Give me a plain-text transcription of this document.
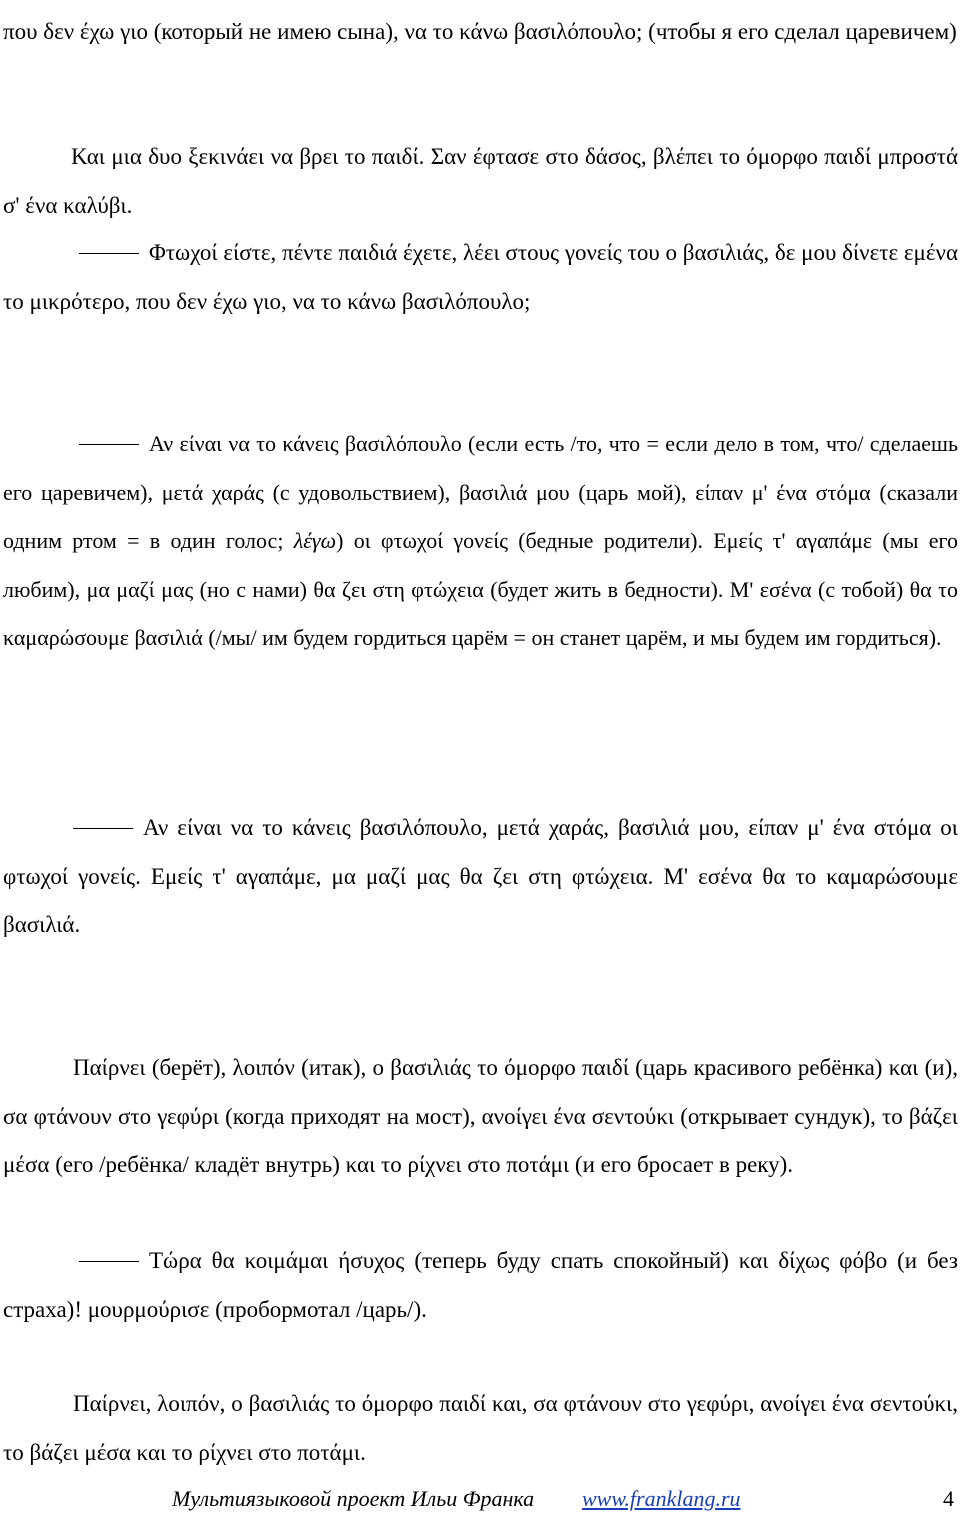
που δεν έχω γιο (который не имею сына), να το κάνω βασιλόπουλο; (чтобы я его сделал царевичем)

Και μια δυο ξεκινάει να βρει το παιδί. Σαν έφτασε στο δάσος, βλέπει το όμορφο παιδί μπροστά σ' ένα καλύβι.

Φτωχοί είστε, πέντε παιδιά έχετε, λέει στους γονείς του ο βασιλιάς, δε μου δίνετε εμένα το μικρότερο, που δεν έχω γιο, να το κάνω βασιλόπουλο;

Αν είναι να το κάνεις βασιλόπουλο (если есть /то, что = если дело в том, что/ сделаешь его царевичем), μετά χαράς (с удовольствием), βασιλιά μου (царь мой), είπαν μ' ένα στόμα (сказали одним ртом = в один голос; λέγω) οι φτωχοί γονείς (бедные родители). Εμείς τ' αγαπάμε (мы его любим), μα μαζί μας (но с нами) θα ζει στη φτώχεια (будет жить в бедности). Μ' εσένα (с тобой) θα το καμαρώσουμε βασιλιά (/мы/ им будем гордиться царём = он станет царём, и мы будем им гордиться).

Αν είναι να το κάνεις βασιλόπουλο, μετά χαράς, βασιλιά μου, είπαν μ' ένα στόμα οι φτωχοί γονείς. Εμείς τ' αγαπάμε, μα μαζί μας θα ζει στη φτώχεια. Μ' εσένα θα το καμαρώσουμε βασιλιά.

Παίρνει (берёт), λοιπόν (итак), ο βασιλιάς το όμορφο παιδί (царь красивого ребёнка) και (и), σα φτάνουν στο γεφύρι (когда приходят на мост), ανοίγει ένα σεντούκι (открывает сундук), το βάζει μέσα (его /ребёнка/ кладёт внутрь) και το ρίχνει στο ποτάμι (и его бросает в реку).

Τώρα θα κοιμάμαι ήσυχος (теперь буду спать спокойный) και δίχως φόβο (и без страха)! μουρμούρισε (пробормотал /царь/).

Παίρνει, λοιπόν, ο βασιλιάς το όμορφο παιδί και, σα φτάνουν στο γεφύρι, ανοίγει ένα σεντούκι, το βάζει μέσα και το ρίχνει στο ποτάμι.

Мультиязыковой проект Ильи Франка www.franklang.ru	4
